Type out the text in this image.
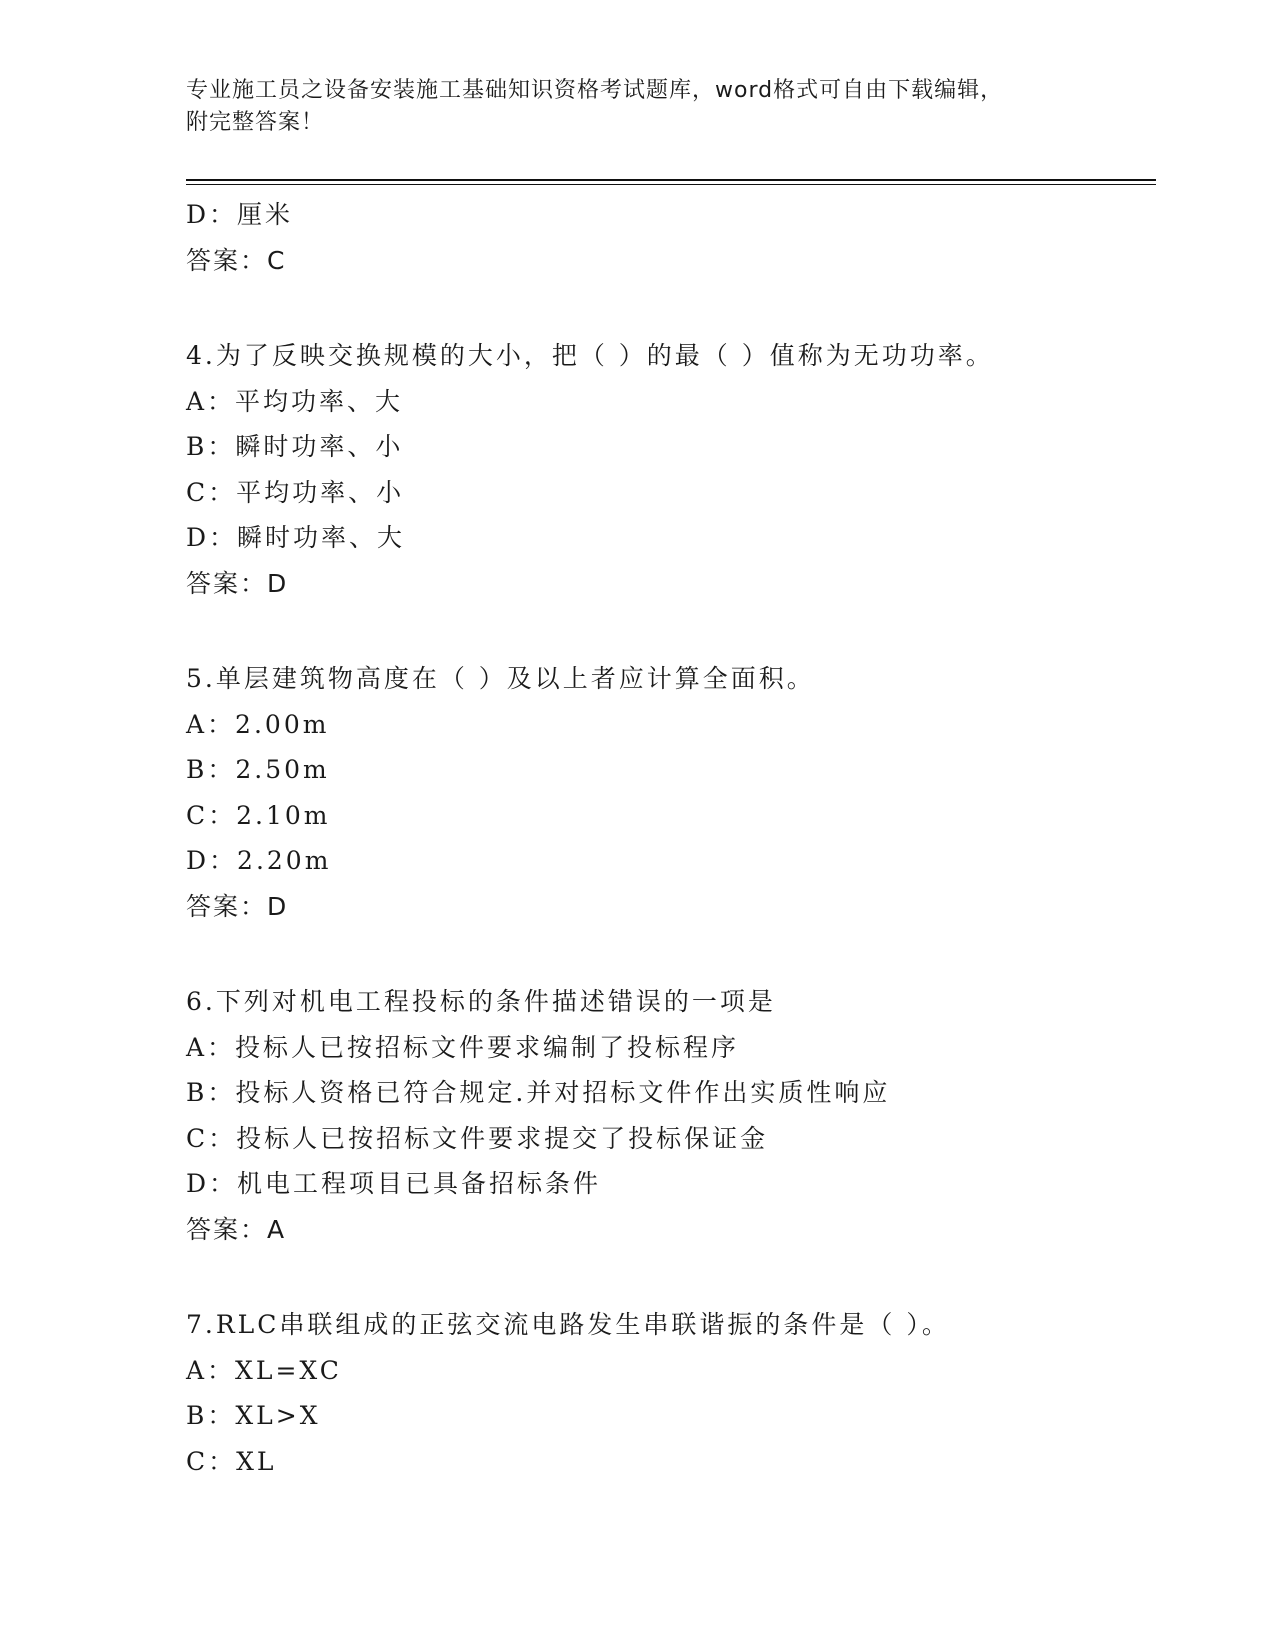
专业施工员之设备安装施工基础知识资格考试题库，word格式可自由下载编辑，
附完整答案！
D：厘米
答案：C
4.为了反映交换规模的大小，把（ ）的最（ ）值称为无功功率。
A：平均功率、大
B：瞬时功率、小
C：平均功率、小
D：瞬时功率、大
答案：D
5.单层建筑物高度在（ ）及以上者应计算全面积。
A：2.00m
B：2.50m
C：2.10m
D：2.20m
答案：D
6.下列对机电工程投标的条件描述错误的一项是
A：投标人已按招标文件要求编制了投标程序
B：投标人资格已符合规定.并对招标文件作出实质性响应
C：投标人已按招标文件要求提交了投标保证金
D：机电工程项目已具备招标条件
答案：A
7.RLC串联组成的正弦交流电路发生串联谐振的条件是（ ）。
A：XL=XC
B：XL>X
C：XL
